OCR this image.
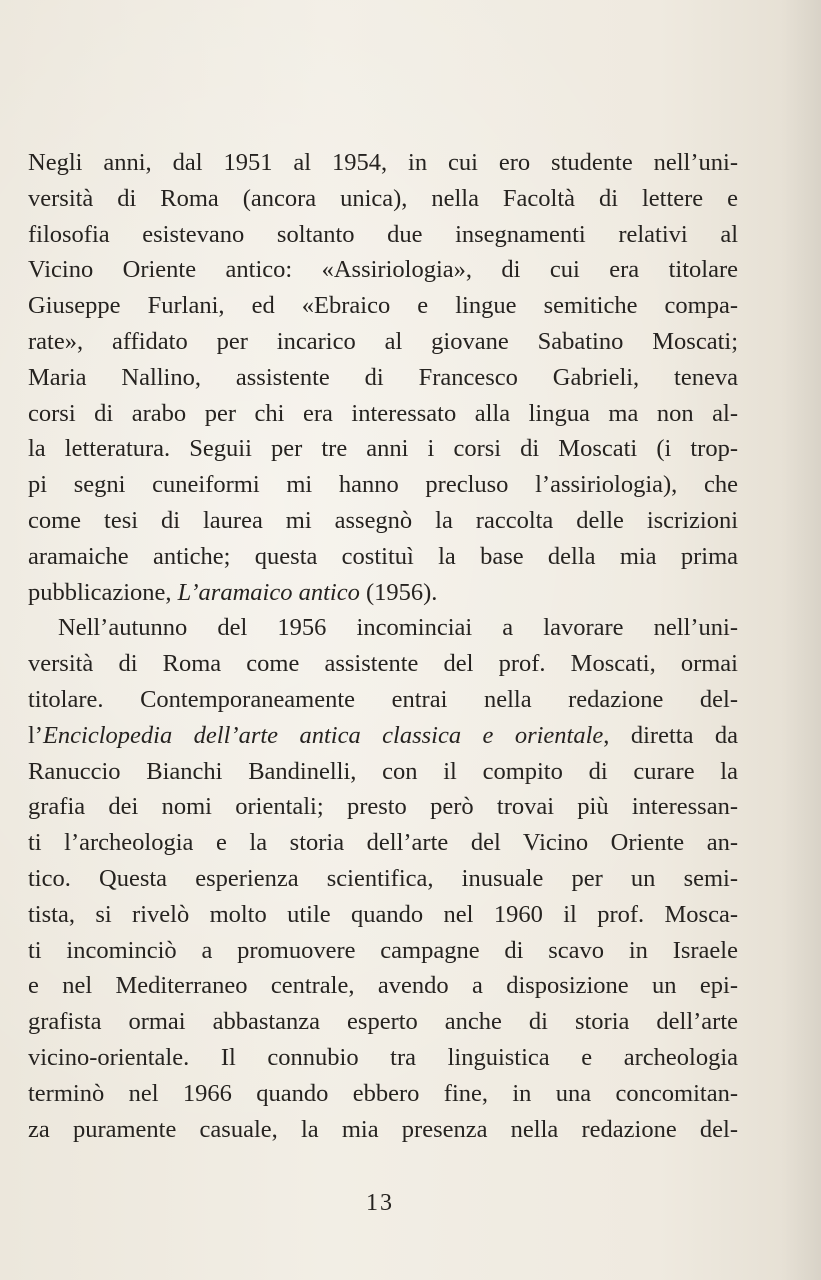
Negli anni, dal 1951 al 1954, in cui ero studente nell’uni-
versità di Roma (ancora unica), nella Facoltà di lettere e
filosofia esistevano soltanto due insegnamenti relativi al
Vicino Oriente antico: «Assiriologia», di cui era titolare
Giuseppe Furlani, ed «Ebraico e lingue semitiche compa-
rate», affidato per incarico al giovane Sabatino Moscati;
Maria Nallino, assistente di Francesco Gabrieli, teneva
corsi di arabo per chi era interessato alla lingua ma non al-
la letteratura. Seguii per tre anni i corsi di Moscati (i trop-
pi segni cuneiformi mi hanno precluso l’assiriologia), che
come tesi di laurea mi assegnò la raccolta delle iscrizioni
aramaiche antiche; questa costituì la base della mia prima
pubblicazione, L’aramaico antico (1956).

Nell’autunno del 1956 incominciai a lavorare nell’uni-
versità di Roma come assistente del prof. Moscati, ormai
titolare. Contemporaneamente entrai nella redazione del-
l’Enciclopedia dell’arte antica classica e orientale, diretta da
Ranuccio Bianchi Bandinelli, con il compito di curare la
grafia dei nomi orientali; presto però trovai più interessan-
ti l’archeologia e la storia dell’arte del Vicino Oriente an-
tico. Questa esperienza scientifica, inusuale per un semi-
tista, si rivelò molto utile quando nel 1960 il prof. Mosca-
ti incominciò a promuovere campagne di scavo in Israele
e nel Mediterraneo centrale, avendo a disposizione un epi-
grafista ormai abbastanza esperto anche di storia dell’arte
vicino-orientale. Il connubio tra linguistica e archeologia
terminò nel 1966 quando ebbero fine, in una concomitan-
za puramente casuale, la mia presenza nella redazione del-

13
